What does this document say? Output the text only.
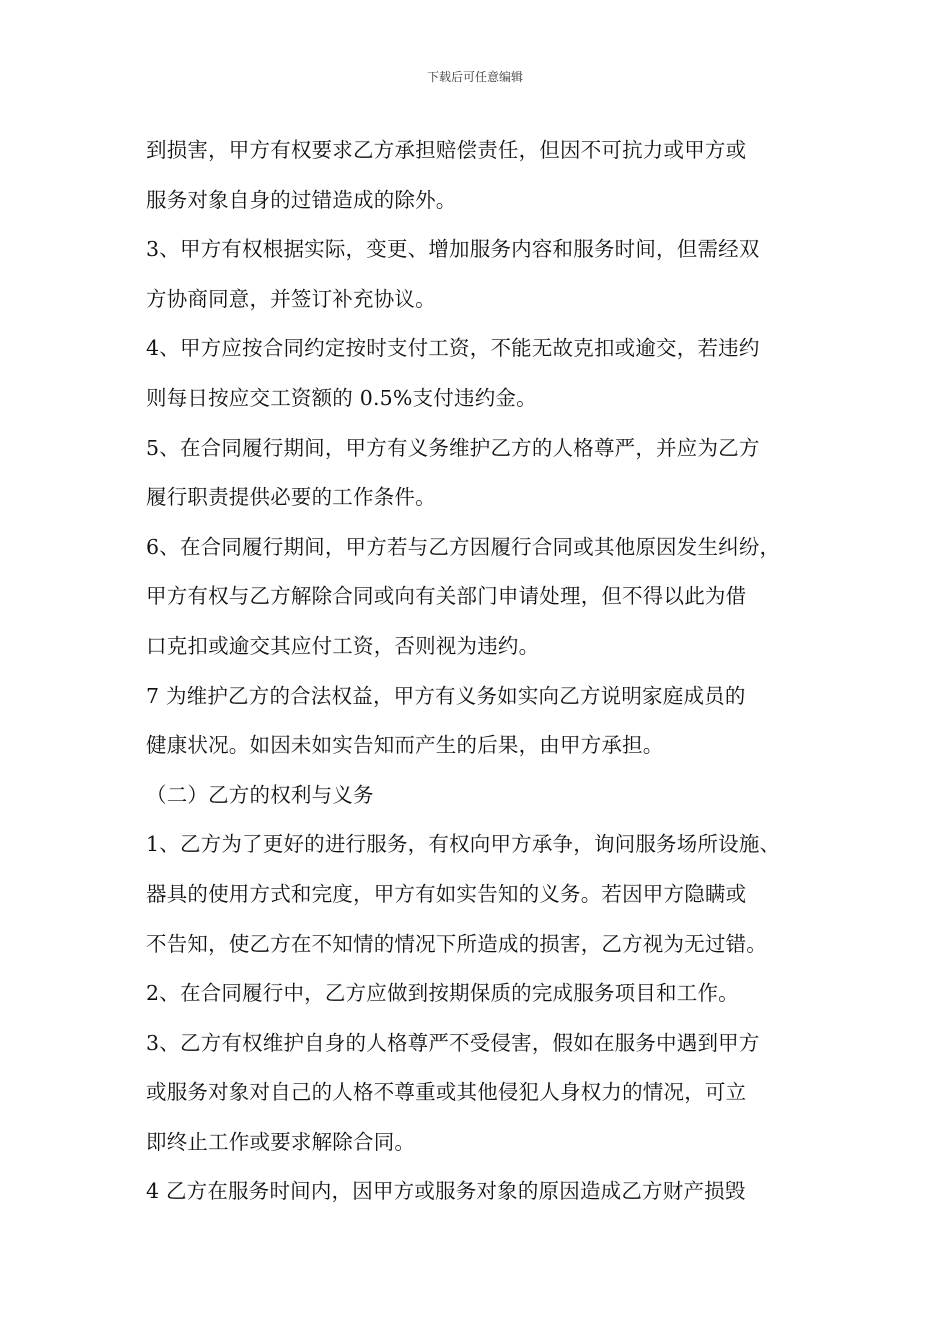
下载后可任意编辑
到损害，甲方有权要求乙方承担赔偿责任，但因不可抗力或甲方或
服务对象自身的过错造成的除外。
3、甲方有权根据实际，变更、增加服务内容和服务时间，但需经双
方协商同意，并签订补充协议。
4、甲方应按合同约定按时支付工资，不能无故克扣或逾交，若违约
则每日按应交工资额的 0.5%支付违约金。
5、在合同履行期间，甲方有义务维护乙方的人格尊严，并应为乙方
履行职责提供必要的工作条件。
6、在合同履行期间，甲方若与乙方因履行合同或其他原因发生纠纷，
甲方有权与乙方解除合同或向有关部门申请处理，但不得以此为借
口克扣或逾交其应付工资，否则视为违约。
7 为维护乙方的合法权益，甲方有义务如实向乙方说明家庭成员的
健康状况。如因未如实告知而产生的后果，由甲方承担。
（二）乙方的权利与义务
1、乙方为了更好的进行服务，有权向甲方承争，询问服务场所设施、
器具的使用方式和完度，甲方有如实告知的义务。若因甲方隐瞒或
不告知，使乙方在不知情的情况下所造成的损害，乙方视为无过错。
2、在合同履行中，乙方应做到按期保质的完成服务项目和工作。
3、乙方有权维护自身的人格尊严不受侵害，假如在服务中遇到甲方
或服务对象对自己的人格不尊重或其他侵犯人身权力的情况，可立
即终止工作或要求解除合同。
4 乙方在服务时间内，因甲方或服务对象的原因造成乙方财产损毁
